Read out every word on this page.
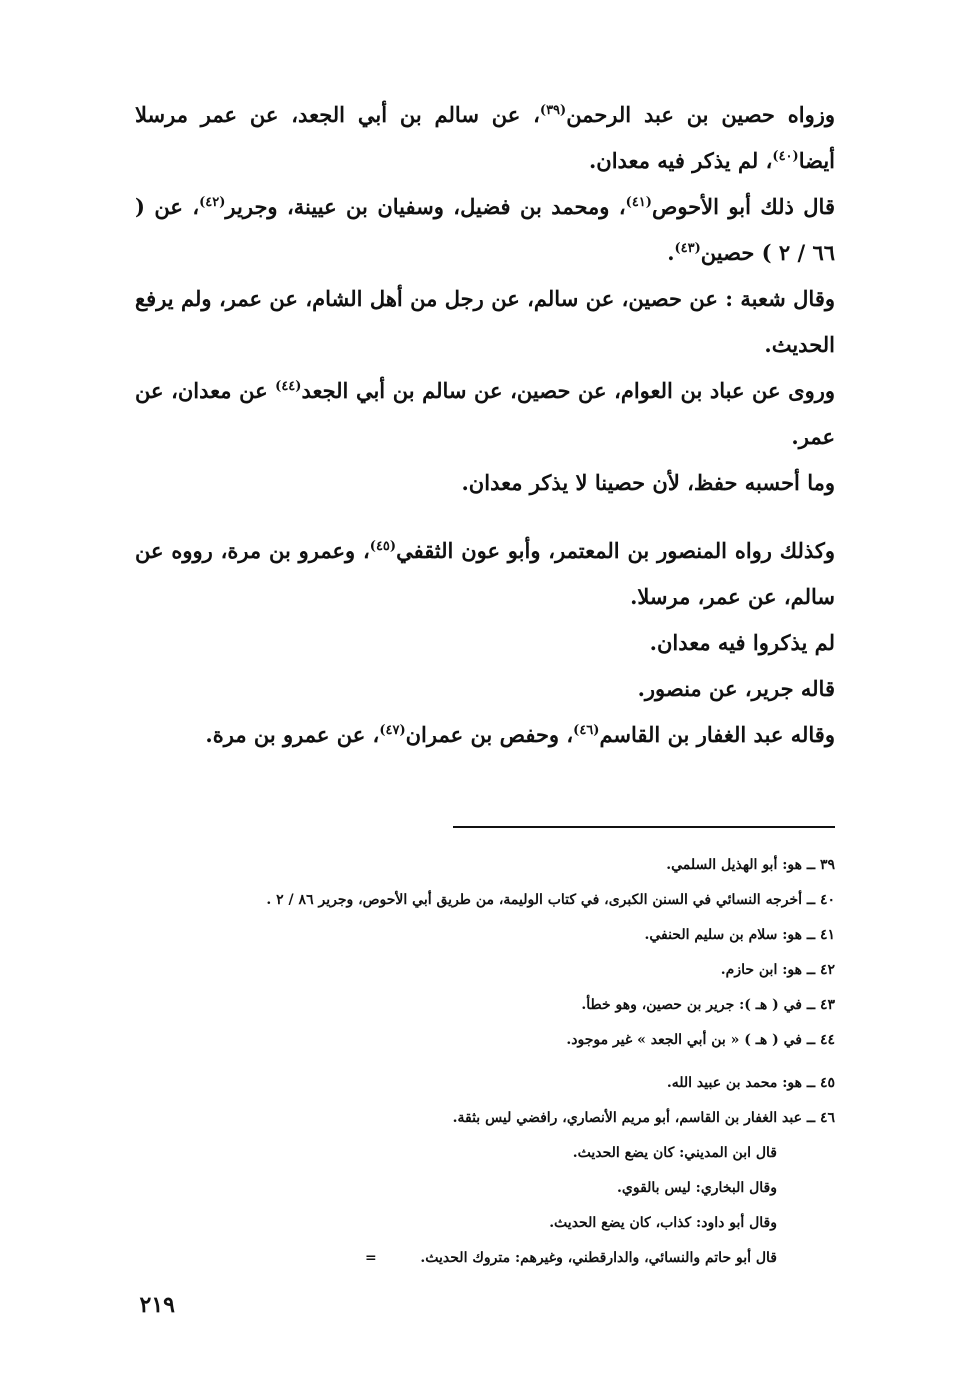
وزواه حصين بن عبد الرحمن$^{(٣٩)}$، عن سالم بن أبي الجعد، عن عمر مرسلا أيضا$^{(٤٠)}$، لم يذكر فيه معدان.

قال ذلك أبو الأحوص$^{(٤١)}$، ومحمد بن فضيل، وسفيان بن عيينة، وجرير$^{(٤٢)}$، عن ( ٦٦ / ٢ ) حصين$^{(٤٣)}$.

وقال شعبة : عن حصين، عن سالم، عن رجل من أهل الشام، عن عمر، ولم يرفع الحديث.

وروى عن عباد بن العوام، عن حصين، عن سالم بن أبي الجعد$^{(٤٤)}$ عن معدان، عن عمر.

وما أحسبه حفظ، لأن حصينا لا يذكر معدان.

وكذلك رواه المنصور بن المعتمر، وأبو عون الثقفي$^{(٤٥)}$، وعمرو بن مرة، رووه عن سالم، عن عمر، مرسلا.

لم يذكروا فيه معدان.

قاله جرير، عن منصور.

وقاله عبد الغفار بن القاسم$^{(٤٦)}$، وحفص بن عمران$^{(٤٧)}$، عن عمرو بن مرة.

٣٩ ــ هو: أبو الهذيل السلمي.

٤٠ ــ أخرجه النسائي في السنن الكبرى، في كتاب الوليمة، من طريق أبي الأحوص، وجرير ٨٦ / ٢ .

٤١ ــ هو: سلام بن سليم الحنفي.

٤٢ ــ هو: ابن حازم.

٤٣ ــ في ( هـ ): جرير بن حصين، وهو خطأ.

٤٤ ــ في ( هـ ) « بن أبي الجعد » غير موجود.

٤٥ ــ هو: محمد بن عبيد الله.

٤٦ ــ عبد الغفار بن القاسم، أبو مريم الأنصاري، رافضي ليس بثقة.

قال ابن المديني: كان يضع الحديث.

وقال البخاري: ليس بالقوي.

وقال أبو داود: كذاب، كان يضع الحديث.

قال أبو حاتم والنسائي، والدارقطني، وغيرهم: متروك الحديث.
=

٢١٩
